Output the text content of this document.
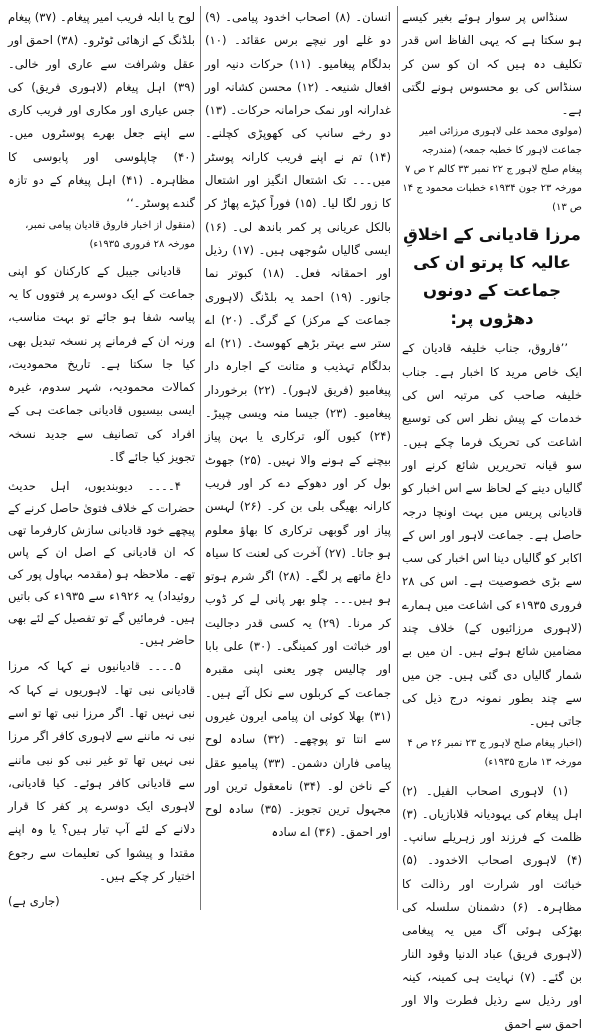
سنڈاس پر سوار ہوئے بغیر کیسے ہو سکتا ہے کہ یہی الفاظ اس قدر تکلیف دہ ہیں کہ ان کو سن کر سنڈاس کی بو محسوس ہونے لگتی ہے۔

(مولوی محمد علی لاہوری مرزائی امیر جماعت لاہور کا خطبہ جمعہ) (مندرجہ پیغام صلح لاہور ج ۲۲ نمبر ۳۳ کالم ۲ ص ۷ مورخہ ۲۳ جون ۱۹۳۴ء خطبات محمود ج ۱۴ ص ۱۳)

مرزا قادیانی کے اخلاقِ عالیہ کا پرتو ان کی جماعت کے دونوں دھڑوں پر:

’’فاروق، جناب خلیفہ قادیان کے ایک خاص مرید کا اخبار ہے۔ جناب خلیفہ صاحب کی مرتبہ اس کی خدمات کے پیش نظر اس کی توسیع اشاعت کی تحریک فرما چکے ہیں۔ سو قیانہ تحریریں شائع کرنے اور گالیاں دینے کے لحاظ سے اس اخبار کو قادیانی پریس میں بہت اونچا درجہ حاصل ہے۔ جماعت لاہور اور اس کے اکابر کو گالیاں دینا اس اخبار کی سب سے بڑی خصوصیت ہے۔ اس کی ۲۸ فروری ۱۹۳۵ء کی اشاعت میں ہمارے (لاہوری مرزائیوں کے) خلاف چند مضامین شائع ہوئے ہیں۔ ان میں بے شمار گالیاں دی گئی ہیں۔ جن میں سے چند بطور نمونہ درج ذیل کی جاتی ہیں۔

(اخبار پیغام صلح لاہور ج ۲۳ نمبر ۲۶ ص ۴ مورخہ ۱۳ مارچ ۱۹۳۵ء)

(۱) لاہوری اصحاب الفیل۔ (۲) اہل پیغام کی یہودیانہ قلابازیاں۔ (۳) ظلمت کے فرزند اور زہریلے سانپ۔ (۴) لاہوری اصحاب الاخدود۔ (۵) خباثت اور شرارت اور رذالت کا مظاہرہ۔ (۶) دشمنان سلسلہ کی بھڑکی ہوئی آگ میں یہ پیغامی (لاہوری فریق) عباد الدنیا وقود النار بن گئے۔ (۷) نہایت ہی کمینہ، کینہ اور رذیل سے رذیل فطرت والا اور احمق سے احمق

انسان۔ (۸) اصحاب اخدود پیامی۔ (۹) دو غلے اور نیچے برس عقائد۔ (۱۰) بدلگام پیغامیو۔ (۱۱) حرکات دنیہ اور افعال شنیعہ۔ (۱۲) محسن کشانہ اور غدارانہ اور نمک حرامانہ حرکات۔ (۱۳) دو رخے سانپ کی کھوپڑی کچلنے۔ (۱۴) تم نے اپنے فریب کارانہ پوسٹر میں۔۔۔ تک اشتعال انگیز اور اشتعال کا زور لگا لیا۔ (۱۵) فوراً کپڑے پھاڑ کر بالکل عریانی پر کمر باندھ لی۔ (۱۶) ایسی گالیاں سُوجھی ہیں۔ (۱۷) رذیل اور احمقانہ فعل۔ (۱۸) کبوتر نما جانور۔ (۱۹) احمد یہ بلڈنگ (لاہوری جماعت کے مرکز) کے گرگ۔ (۲۰) اے ستر سے بہتر بڑھے کھوسٹ۔ (۲۱) اے بدلگام تہذیب و متانت کے اجارہ دار پیغامیو (فریق لاہور)۔ (۲۲) برخوردار پیغامیو۔ (۲۳) جیسا منہ ویسی چپیڑ۔ (۲۴) کیوں آلو، ترکاری یا بہن پیاز بیچنے کے ہونے والا نہیں۔ (۲۵) جھوٹ بول کر اور دھوکے دے کر اور فریب کارانہ بھیگی بلی بن کر۔ (۲۶) لہسن پیاز اور گوبھی ترکاری کا بھاؤ معلوم ہو جاتا۔ (۲۷) آخرت کی لعنت کا سیاہ داغ ماتھے پر لگے۔ (۲۸) اگر شرم ہوتو ہو ہیں۔۔۔ چلو بھر پانی لے کر ڈوب کر مرنا۔ (۲۹) یہ کسی قدر دجالیت اور خباثت اور کمینگی۔ (۳۰) علی بابا اور چالیس چور یعنی اپنی مقبرہ جماعت کے کربلوں سے نکل آئے ہیں۔ (۳۱) بھلا کوئی ان پیامی ایرون غیروں سے انتا تو پوچھے۔ (۳۲) سادہ لوح پیامی فاران دشمن۔ (۳۳) پیامیو عقل کے ناخن لو۔ (۳۴) نامعقول ترین اور مجہول ترین تجویز۔ (۳۵) سادہ لوح اور احمق۔ (۳۶) اے سادہ

لوح یا ابلہ فریب امیر پیغام۔ (۳۷) پیغام بلڈنگ کے ازھائی ٹوٹرو۔ (۳۸) احمق اور عقل وشرافت سے عاری اور خالی۔ (۳۹) اہل پیغام (لاہوری فریق) کی جس عیاری اور مکاری اور فریب کاری سے اپنے جعل بھرے پوسٹروں میں۔ (۴۰) چاپلوسی اور پابوسی کا مظاہرہ۔ (۴۱) اہل پیغام کے دو تازہ گندے پوسٹر۔‘‘

(منقول از اخبار فاروق قادیان پیامی نمبر، مورخہ ۲۸ فروری ۱۹۳۵ء)

قادیانی جیبل کے کارکنان کو اپنی جماعت کے ایک دوسرے پر فتووں کا یہ پیاسہ شفا ہو جائے تو بہت مناسب، ورنہ ان کے فرمانے پر نسخہ تبدیل بھی کیا جا سکتا ہے۔ تاریخ محمودیت، کمالات محمودیہ، شہر سدوم، غیرہ ایسی بیسیوں قادیانی جماعت ہی کے افراد کی تصانیف سے جدید نسخہ تجویز کیا جائے گا۔

۴۔۔۔۔ دیوبندیوں، اہل حدیث حضرات کے خلاف فتویٰ حاصل کرنے کے پیچھے خود قادیانی سازش کارفرما تھی کہ ان قادیانی کے اصل ان کے پاس تھے۔ ملاحظہ ہو (مقدمہ بہاول پور کی روئیداد) یہ ۱۹۲۶ء سے ۱۹۳۵ء کی باتیں ہیں۔ فرمائیں گے تو تفصیل کے لئے بھی حاضر ہیں۔

۵۔۔۔۔ قادیانیوں نے کہا کہ مرزا قادیانی نبی تھا۔ لاہوریوں نے کہا کہ نبی نہیں تھا۔ اگر مرزا نبی تھا تو اسے نبی نہ ماننے سے لاہوری کافر اگر مرزا نبی نہیں تھا تو غیر نبی کو نبی ماننے سے قادیانی کافر ہوئے۔ کیا قادیانی، لاہوری ایک دوسرے پر کفر کا قرار دلانے کے لئے آپ تیار ہیں؟ یا وہ اپنے مقتدا و پیشوا کی تعلیمات سے رجوع اختیار کر چکے ہیں۔

(جاری ہے)
